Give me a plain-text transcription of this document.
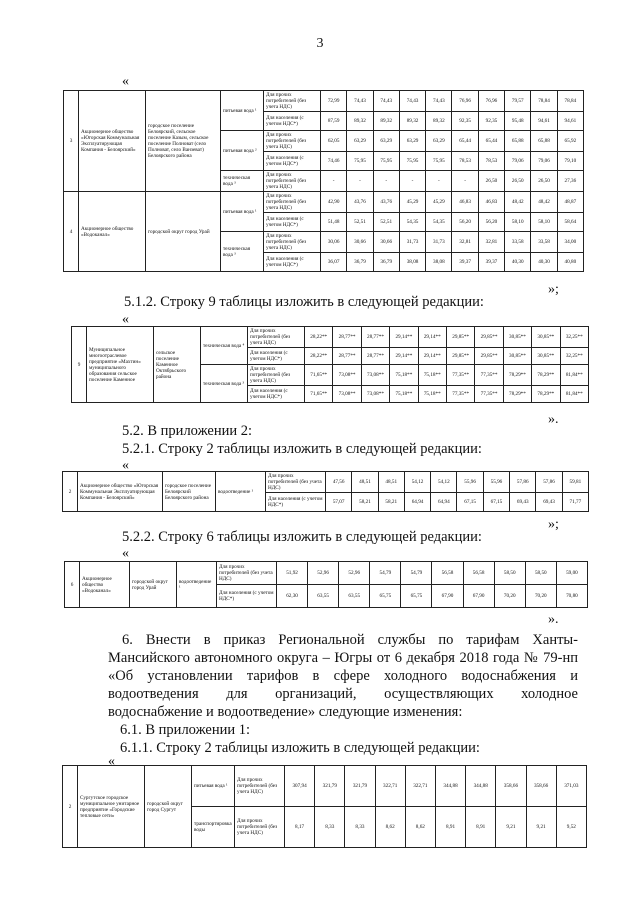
3
«
3	Акционерное общество «Югорская Коммунальная Эксплуатирующая Компания - Белоярский»	городское поселение Белоярский, сельское поселение Казым, сельское поселение Полноват (село Полноват, село Ванзеват) Белоярского района	питьевая вода ¹	Для прочих потребителей (без учета НДС)	72,99	74,43	74,43	74,43	74,43	76,96	76,96	79,57	78,84	78,84
				Для населения (с учетом НДС*)	87,59	89,32	89,32	89,32	89,32	92,35	92,35	95,48	94,61	94,61
			питьевая вода ²	Для прочих потребителей (без учета НДС)	62,05	63,29	63,29	63,29	63,29	65,44	65,44	65,88	65,88	65,92
				Для населения (с учетом НДС*)	74,46	75,95	75,95	75,95	75,95	78,53	78,53	79,06	79,06	79,10
			техническая вода ³	Для прочих потребителей (без учета НДС)	-	-	-	-	-	-	26,50	26,50	26,50	27,36
4	Акционерное общество «Водоканал»	городской округ город Урай	питьевая вода ¹	Для прочих потребителей (без учета НДС)	42,90	43,76	43,76	45,29	45,29	46,83	46,83	48,42	48,42	48,87
				Для населения (с учетом НДС*)	51,48	52,51	52,51	54,35	54,35	56,20	56,20	58,10	58,10	58,64
			техническая вода ³	Для прочих потребителей (без учета НДС)	30,06	30,66	30,66	31,73	31,73	32,81	32,81	33,58	33,58	34,00
				Для населения (с учетом НДС*)	36,07	36,79	36,79	38,08	38,08	39,37	39,37	40,30	40,30	40,80
»;
5.1.2. Строку 9 таблицы изложить в следующей редакции:
«
9	Муниципальное многоотраслевое предприятие «Махтин» муниципального образования сельское поселение Каменное	сельское поселение Каменное Октябрьского района	техническая вода ⁴	Для прочих потребителей (без учета НДС)	28,22**	28,77**	28,77**	29,14**	29,14**	29,85**	29,85**	30,85**	30,85**	32,25**
				Для населения (с учетом НДС*)	28,22**	28,77**	28,77**	29,14**	29,14**	29,85**	29,85**	30,85**	30,85**	32,25**
			техническая вода ³	Для прочих потребителей (без учета НДС)	71,65**	73,08**	73,08**	75,18**	75,18**	77,35**	77,35**	78,29**	78,29**	81,84**
				Для населения (с учетом НДС*)	71,65**	73,08**	73,08**	75,18**	75,18**	77,35**	77,35**	78,29**	78,29**	81,84**
».
5.2. В приложении 2:
5.2.1. Строку 2 таблицы изложить в следующей редакции:
«
2	Акционерное общество «Югорская Коммунальная Эксплуатирующая Компания - Белоярский»	городское поселение Белоярский Белоярского района	водоотведение ¹	Для прочих потребителей (без учета НДС)	47,56	48,51	48,51	54,12	54,12	55,96	55,96	57,86	57,86	59,81
				Для населения (с учетом НДС*)	57,07	58,21	58,21	64,94	64,94	67,15	67,15	69,43	69,43	71,77
»;
5.2.2. Строку 6 таблицы изложить в следующей редакции:
«
6	Акционерное общество «Водоканал»	городской округ город Урай	водоотведение ¹	Для прочих потребителей (без учета НДС)	51,92	52,96	52,96	54,79	54,79	56,58	56,58	58,50	58,50	59,00
				Для населения (с учетом НДС*)	62,30	63,55	63,55	65,75	65,75	67,90	67,90	70,20	70,20	70,80
».
6. Внести в приказ Региональной службы по тарифам Ханты-
Мансийского автономного округа – Югры от 6 декабря 2018 года № 79-нп
«Об установлении тарифов в сфере холодного водоснабжения и
водоотведения для организаций, осуществляющих холодное
водоснабжение и водоотведение» следующие изменения:
6.1. В приложении 1:
6.1.1. Строку 2 таблицы изложить в следующей редакции:
«
2	Сургутское городское муниципальное унитарное предприятие «Городские тепловые сети»	городской округ город Сургут	питьевая вода ¹	Для прочих потребителей (без учета НДС)	307,94	321,79	321,79	322,71	322,71	344,88	344,88	358,66	358,66	371,03
			транспортировка воды	Для прочих потребителей (без учета НДС)	8,17	8,33	8,33	8,62	8,62	8,91	8,91	9,21	9,21	9,52
